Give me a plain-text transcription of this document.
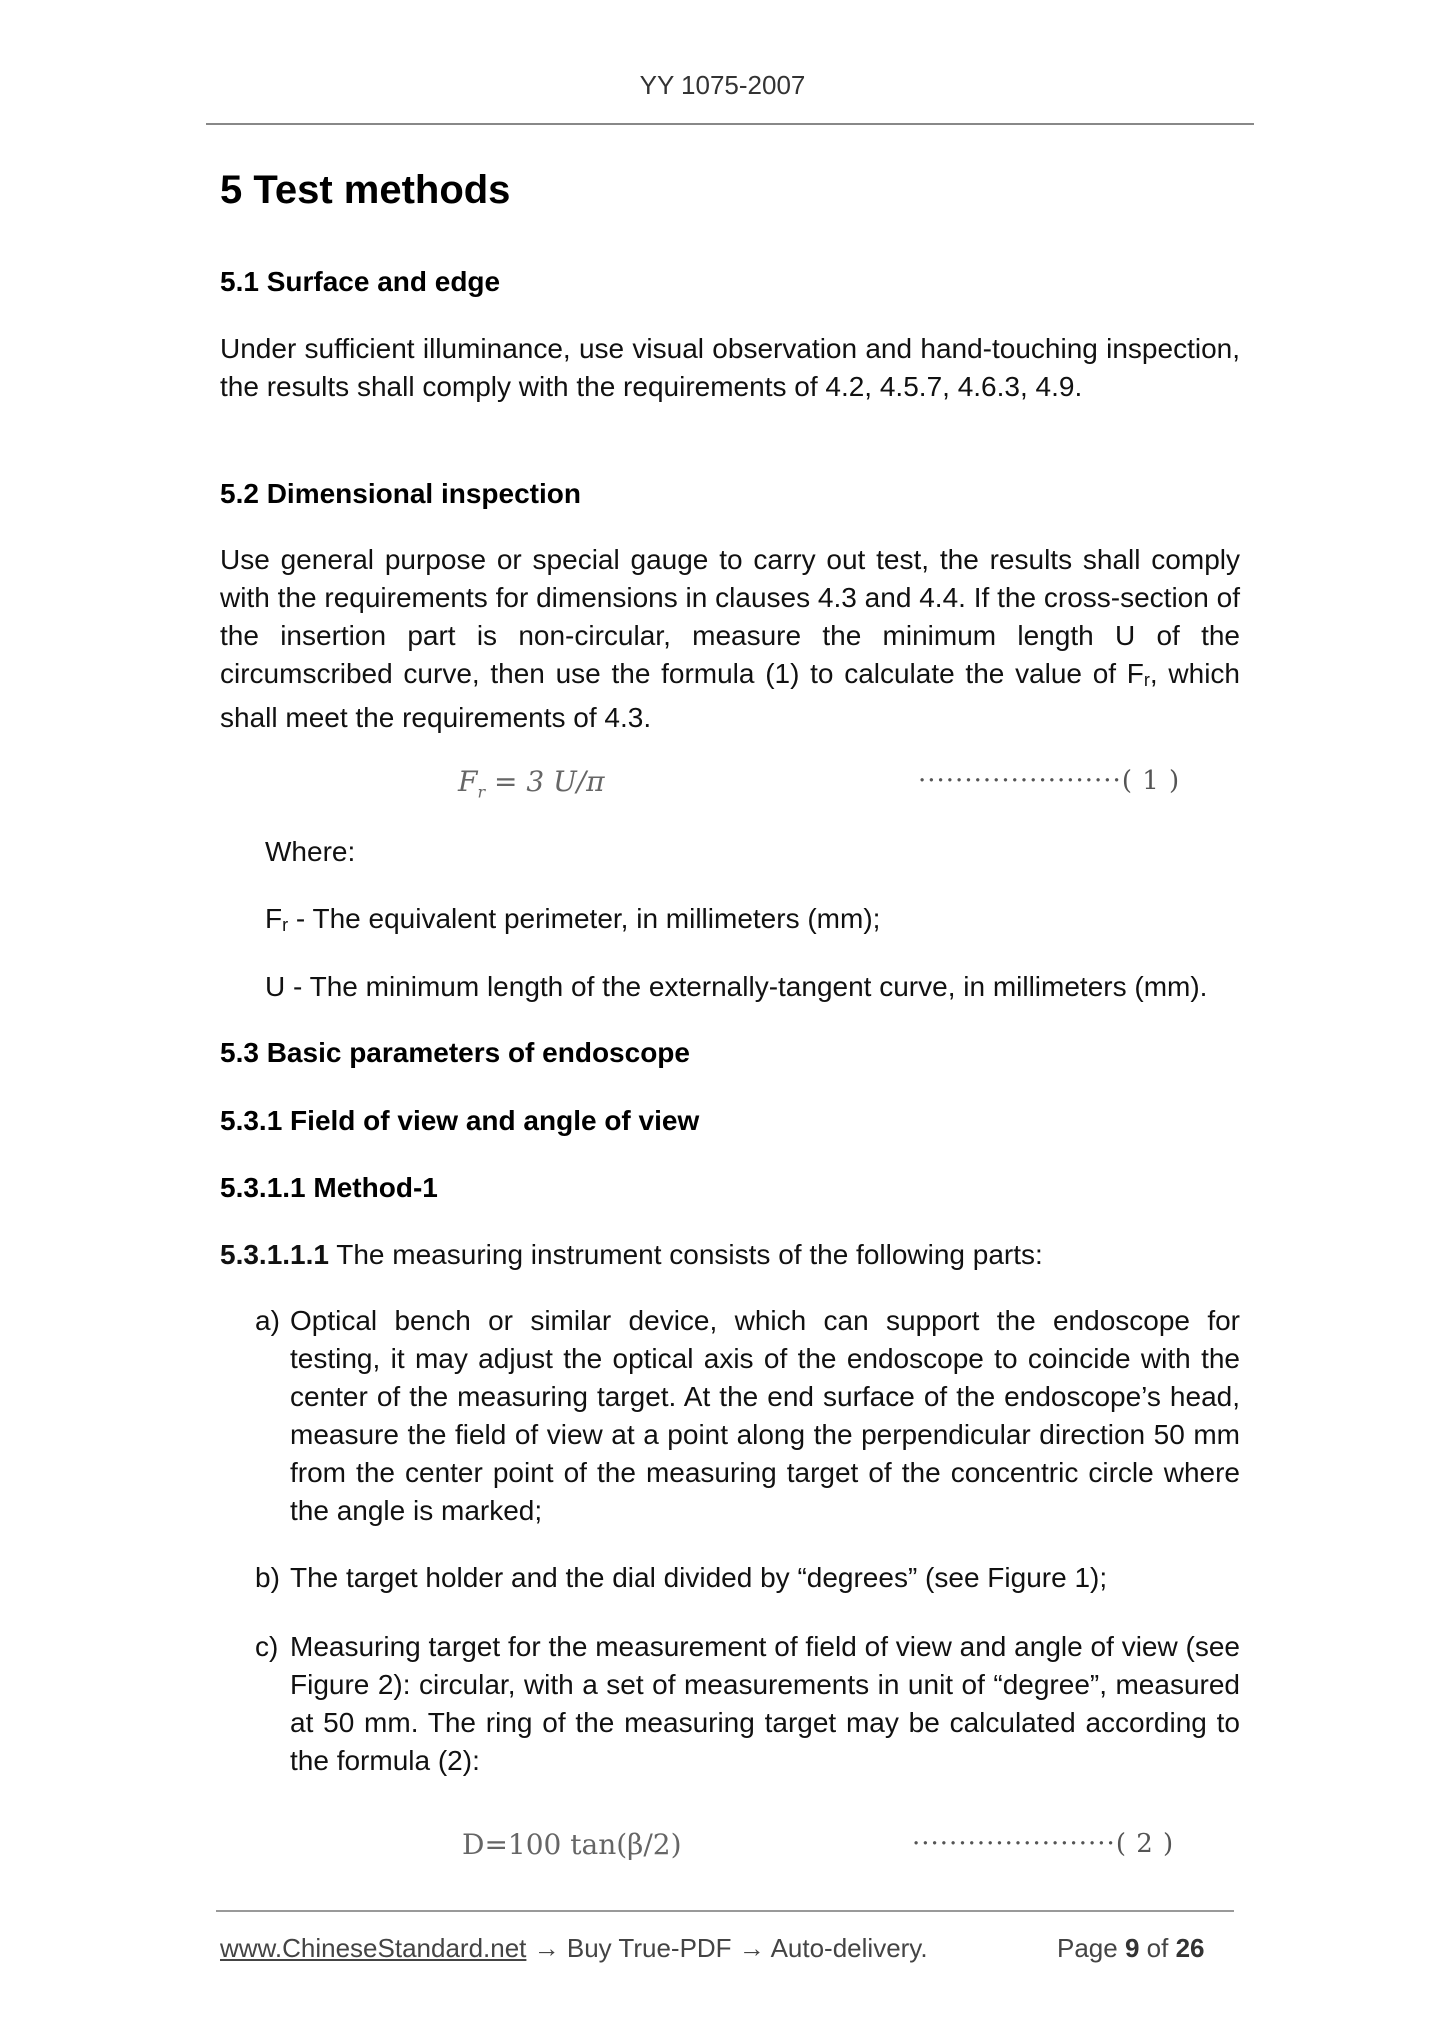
YY 1075-2007
5 Test methods
5.1 Surface and edge

Under sufficient illuminance, use visual observation and hand-touching inspection, the results shall comply with the requirements of 4.2, 4.5.7, 4.6.3, 4.9.

5.2 Dimensional inspection

Use general purpose or special gauge to carry out test, the results shall comply with the requirements for dimensions in clauses 4.3 and 4.4. If the cross-section of the insertion part is non-circular, measure the minimum length U of the circumscribed curve, then use the formula (1) to calculate the value of $F_r$, which shall meet the requirements of 4.3.

$F_r = 3$ U/π	······················( 1 )
Where:
$F_r$ - The equivalent perimeter, in millimeters (mm);
U - The minimum length of the externally-tangent curve, in millimeters (mm).
5.3 Basic parameters of endoscope
5.3.1 Field of view and angle of view
5.3.1.1 Method-1
5.3.1.1.1 The measuring instrument consists of the following parts:
a) Optical bench or similar device, which can support the endoscope for testing, it may adjust the optical axis of the endoscope to coincide with the center of the measuring target. At the end surface of the endoscope’s head, measure the field of view at a point along the perpendicular direction 50 mm from the center point of the measuring target of the concentric circle where the angle is marked;
b) The target holder and the dial divided by “degrees” (see Figure 1);
c) Measuring target for the measurement of field of view and angle of view (see Figure 2): circular, with a set of measurements in unit of “degree”, measured at 50 mm. The ring of the measuring target may be calculated according to the formula (2):
D=100 tan(β/2)	······················( 2 )
www.ChineseStandard.net → Buy True-PDF → Auto-delivery.	Page 9 of 26
